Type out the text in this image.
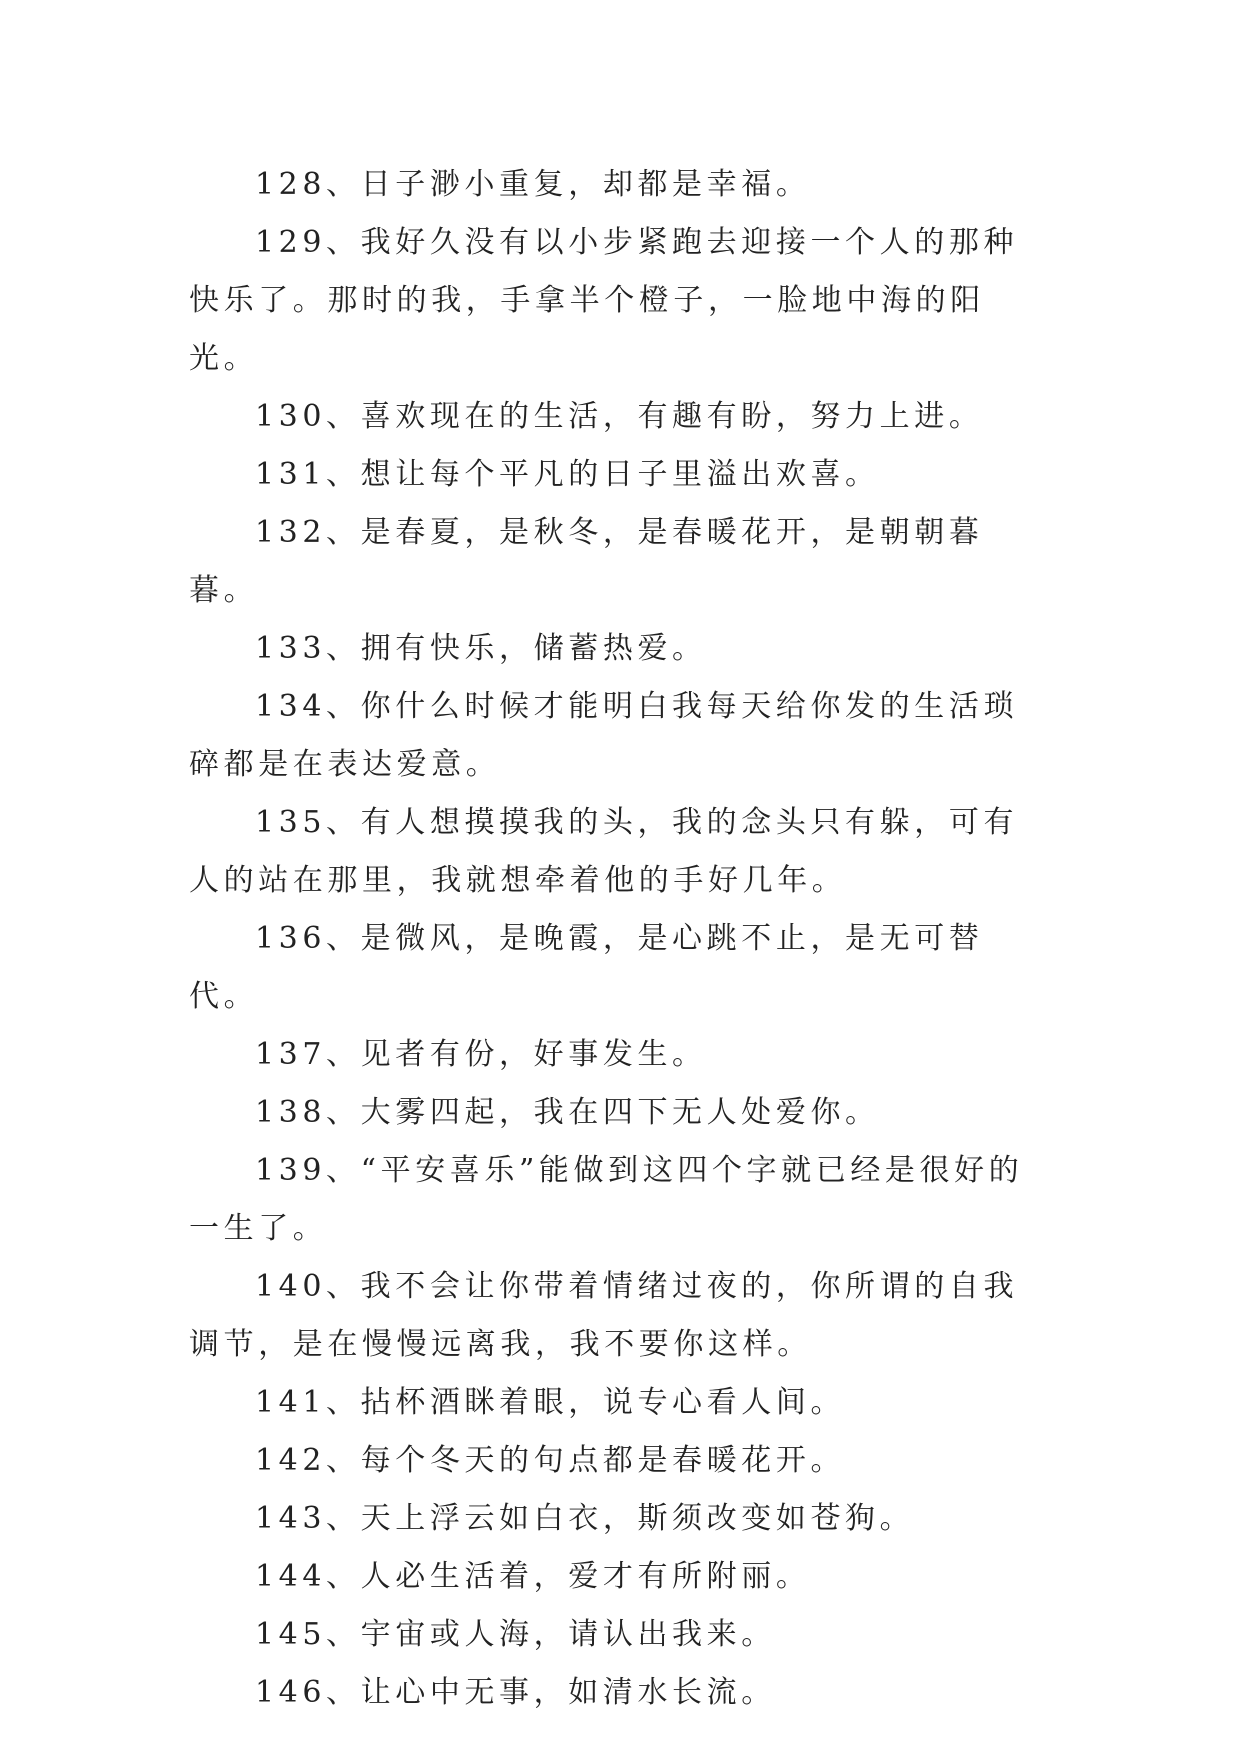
128、日子渺小重复，却都是幸福。

129、我好久没有以小步紧跑去迎接一个人的那种快乐了。那时的我，手拿半个橙子，一脸地中海的阳光。

130、喜欢现在的生活，有趣有盼，努力上进。

131、想让每个平凡的日子里溢出欢喜。

132、是春夏，是秋冬，是春暖花开，是朝朝暮暮。

133、拥有快乐，储蓄热爱。

134、你什么时候才能明白我每天给你发的生活琐碎都是在表达爱意。

135、有人想摸摸我的头，我的念头只有躲，可有人的站在那里，我就想牵着他的手好几年。

136、是微风，是晚霞，是心跳不止，是无可替代。

137、见者有份，好事发生。

138、大雾四起，我在四下无人处爱你。

139、“平安喜乐”能做到这四个字就已经是很好的一生了。

140、我不会让你带着情绪过夜的，你所谓的自我调节，是在慢慢远离我，我不要你这样。

141、拈杯酒眯着眼，说专心看人间。

142、每个冬天的句点都是春暖花开。

143、天上浮云如白衣，斯须改变如苍狗。

144、人必生活着，爱才有所附丽。

145、宇宙或人海，请认出我来。

146、让心中无事，如清水长流。
